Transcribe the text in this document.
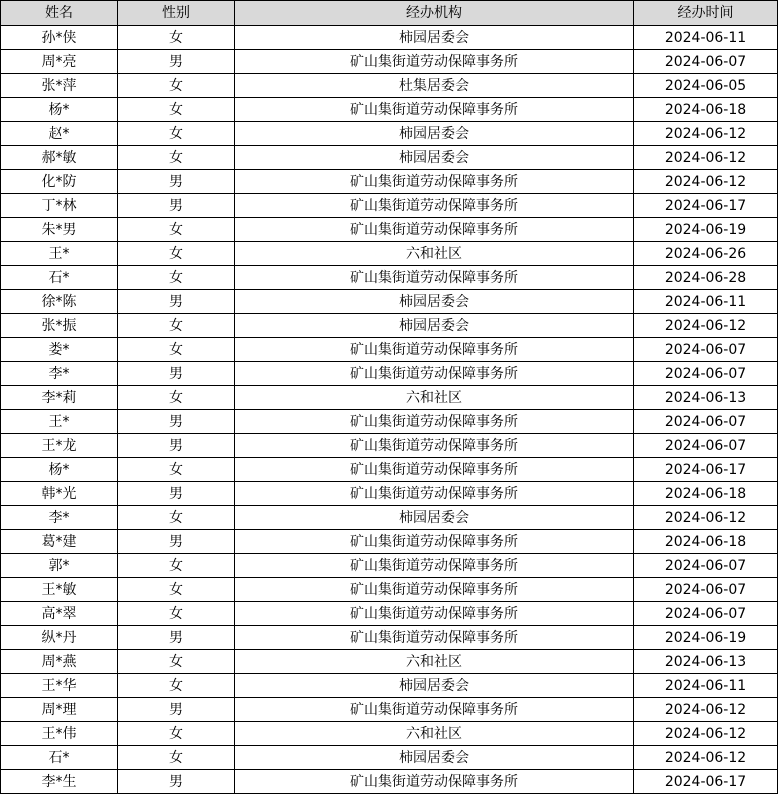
姓名	性别	经办机构	经办时间
孙*侠	女	柿园居委会	2024-06-11
周*亮	男	矿山集街道劳动保障事务所	2024-06-07
张*萍	女	杜集居委会	2024-06-05
杨*	女	矿山集街道劳动保障事务所	2024-06-18
赵*	女	柿园居委会	2024-06-12
郝*敏	女	柿园居委会	2024-06-12
化*防	男	矿山集街道劳动保障事务所	2024-06-12
丁*林	男	矿山集街道劳动保障事务所	2024-06-17
朱*男	女	矿山集街道劳动保障事务所	2024-06-19
王*	女	六和社区	2024-06-26
石*	女	矿山集街道劳动保障事务所	2024-06-28
徐*陈	男	柿园居委会	2024-06-11
张*振	女	柿园居委会	2024-06-12
娄*	女	矿山集街道劳动保障事务所	2024-06-07
李*	男	矿山集街道劳动保障事务所	2024-06-07
李*莉	女	六和社区	2024-06-13
王*	男	矿山集街道劳动保障事务所	2024-06-07
王*龙	男	矿山集街道劳动保障事务所	2024-06-07
杨*	女	矿山集街道劳动保障事务所	2024-06-17
韩*光	男	矿山集街道劳动保障事务所	2024-06-18
李*	女	柿园居委会	2024-06-12
葛*建	男	矿山集街道劳动保障事务所	2024-06-18
郭*	女	矿山集街道劳动保障事务所	2024-06-07
王*敏	女	矿山集街道劳动保障事务所	2024-06-07
高*翠	女	矿山集街道劳动保障事务所	2024-06-07
纵*丹	男	矿山集街道劳动保障事务所	2024-06-19
周*燕	女	六和社区	2024-06-13
王*华	女	柿园居委会	2024-06-11
周*理	男	矿山集街道劳动保障事务所	2024-06-12
王*伟	女	六和社区	2024-06-12
石*	女	柿园居委会	2024-06-12
李*生	男	矿山集街道劳动保障事务所	2024-06-17
